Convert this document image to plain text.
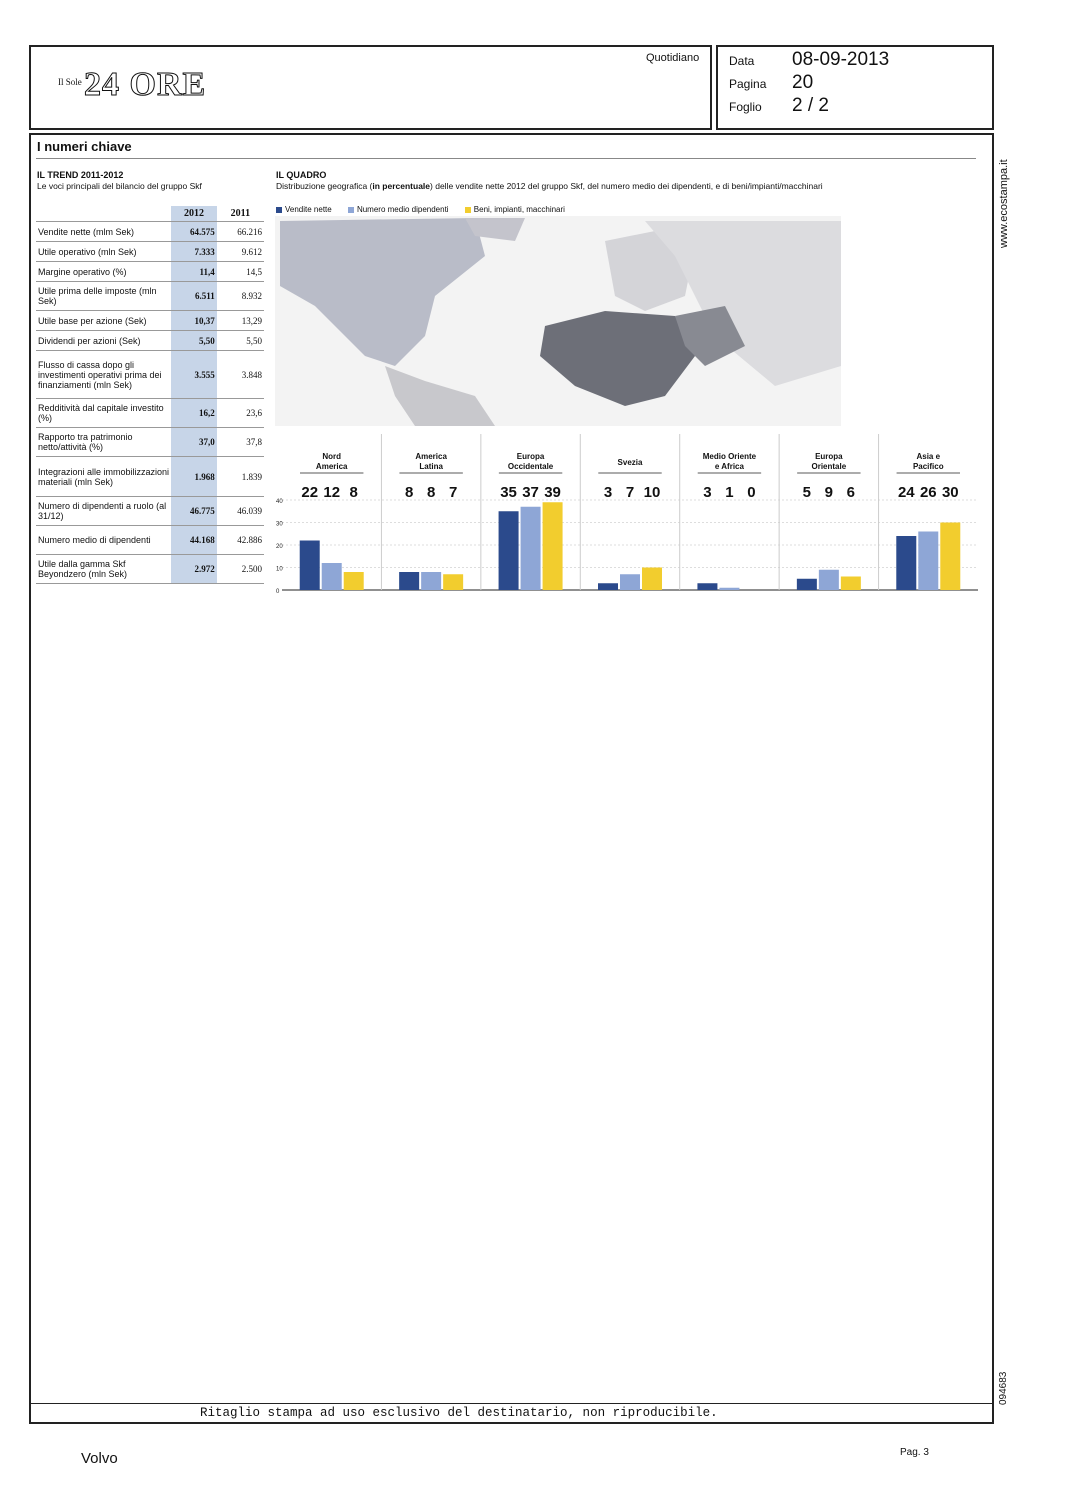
Il Sole 24 ORE
Quotidiano Data 08-09-2013
Pagina 20
Foglio 2 / 2
I numeri chiave
IL TREND 2011-2012
Le voci principali del bilancio del gruppo Skf
	2012	2011
Vendite nette (mlm Sek)	64.575	66.216
Utile operativo (mln Sek)	7.333	9.612
Margine operativo (%)	11,4	14,5
Utile prima delle imposte (mln Sek)	6.511	8.932
Utile base per azione (Sek)	10,37	13,29
Dividendi per azioni (Sek)	5,50	5,50
Flusso di cassa dopo gli investimenti operativi prima dei finanziamenti (mln Sek)	3.555	3.848
Redditività dal capitale investito (%)	16,2	23,6
Rapporto tra patrimonio netto/attività (%)	37,0	37,8
Integrazioni alle immobilizzazioni materiali (mln Sek)	1.968	1.839
Numero di dipendenti a ruolo (al 31/12)	46.775	46.039
Numero medio di dipendenti	44.168	42.886
Utile dalla gamma Skf Beyondzero (mln Sek)	2.972	2.500
IL QUADRO
Distribuzione geografica (in percentuale) delle vendite nette 2012 del gruppo Skf, del numero medio dei dipendenti, e di beni/impianti/macchinari
Vendite nette	Numero medio dipendenti	Beni, impianti, macchinari
0
10
20
30
40
Nord
America
22 12 8
America
Latina
8 8 7
Europa
Occidentale
35 37 39
Svezia
3 7 10
Medio Oriente
e Africa
3 1 0
Europa
Orientale
5 9 6
Asia e
Pacifico
24 26 30
Ritaglio stampa ad uso esclusivo del destinatario, non riproducibile.
Volvo	Pag. 3
www.ecostampa.it
094683
